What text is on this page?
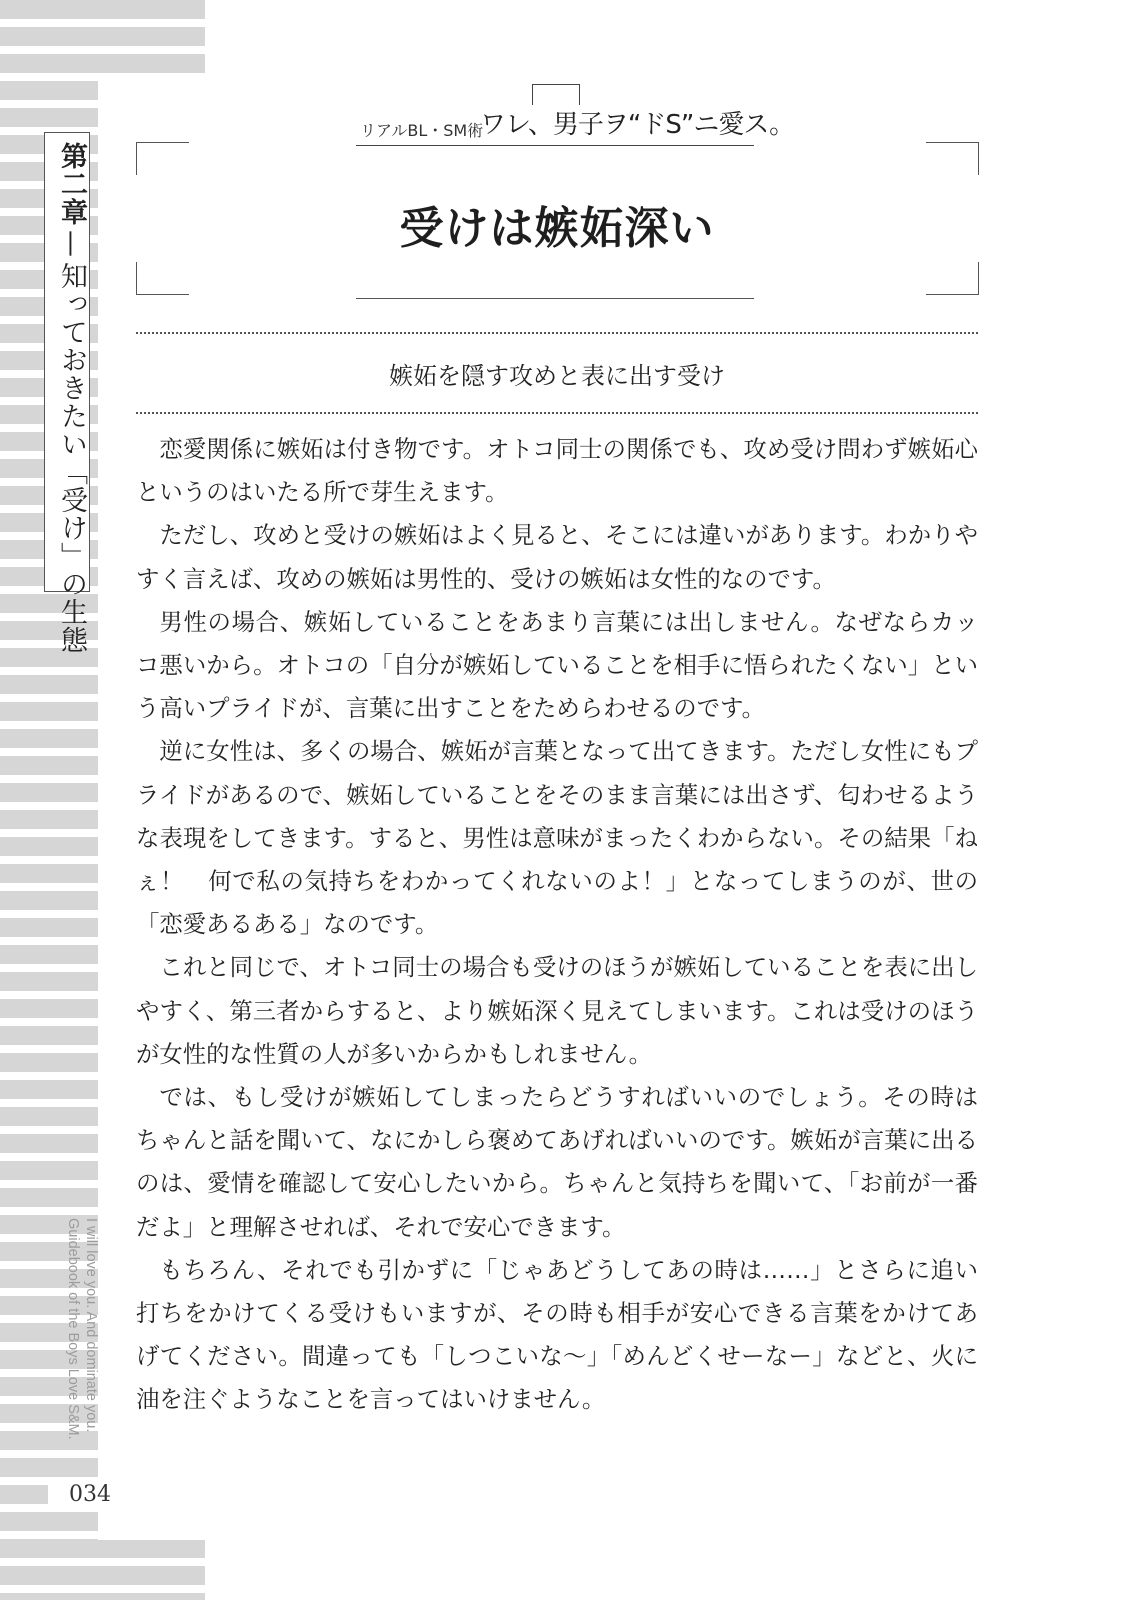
第二章—知っておきたい「受け」の生態
I will love you. And dominate you.
Guidebook of the Boys Love S&M.
034
リアルBL・SM術
ワレ、男子ヲ“ドS”ニ愛ス。
受けは嫉妬深い
嫉妬を隠す攻めと表に出す受け

恋愛関係に嫉妬は付き物です。オトコ同士の関係でも、攻め受け問わず嫉妬心というのはいたる所で芽生えます。

ただし、攻めと受けの嫉妬はよく見ると、そこには違いがあります。わかりやすく言えば、攻めの嫉妬は男性的、受けの嫉妬は女性的なのです。

男性の場合、嫉妬していることをあまり言葉には出しません。なぜならカッコ悪いから。オトコの「自分が嫉妬していることを相手に悟られたくない」という高いプライドが、言葉に出すことをためらわせるのです。

逆に女性は、多くの場合、嫉妬が言葉となって出てきます。ただし女性にもプライドがあるので、嫉妬していることをそのまま言葉には出さず、匂わせるような表現をしてきます。すると、男性は意味がまったくわからない。その結果「ねぇ！　何で私の気持ちをわかってくれないのよ！」となってしまうのが、世の「恋愛あるある」なのです。

これと同じで、オトコ同士の場合も受けのほうが嫉妬していることを表に出しやすく、第三者からすると、より嫉妬深く見えてしまいます。これは受けのほうが女性的な性質の人が多いからかもしれません。

では、もし受けが嫉妬してしまったらどうすればいいのでしょう。その時はちゃんと話を聞いて、なにかしら褒めてあげればいいのです。嫉妬が言葉に出るのは、愛情を確認して安心したいから。ちゃんと気持ちを聞いて、「お前が一番だよ」と理解させれば、それで安心できます。

もちろん、それでも引かずに「じゃあどうしてあの時は……」とさらに追い打ちをかけてくる受けもいますが、その時も相手が安心できる言葉をかけてあげてください。間違っても「しつこいな〜」「めんどくせーなー」などと、火に油を注ぐようなことを言ってはいけません。
